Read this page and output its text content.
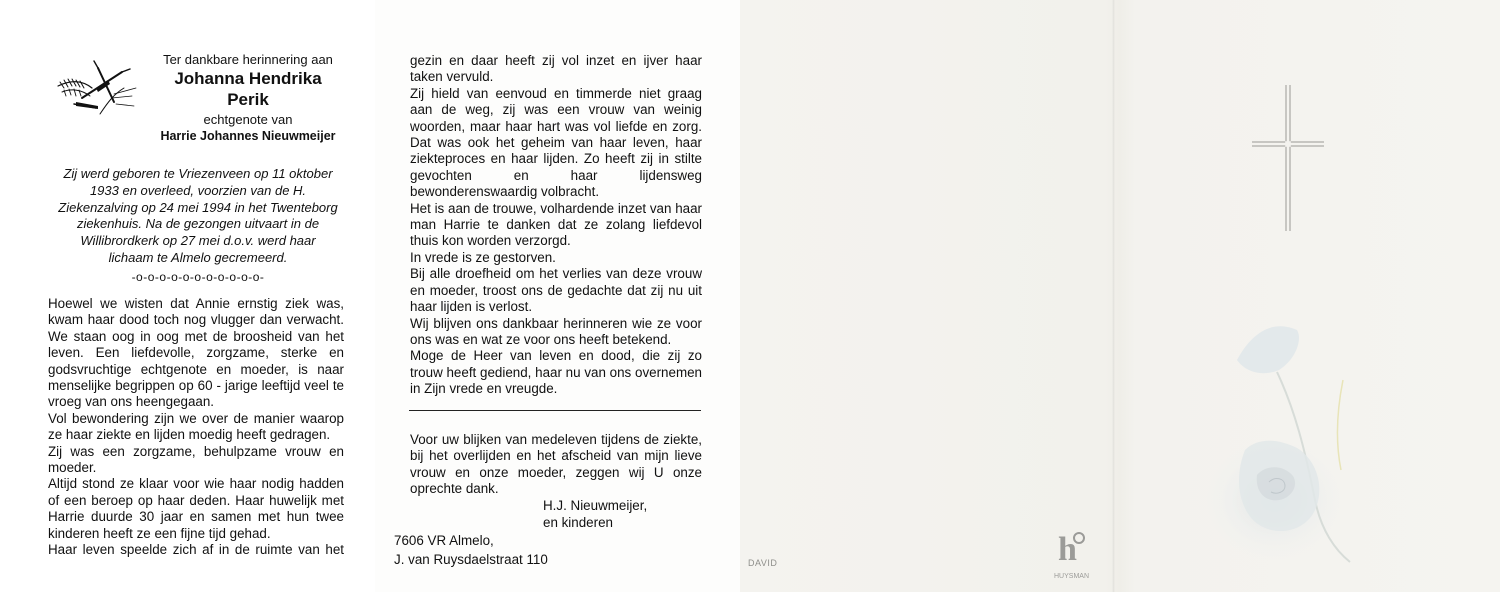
Ter dankbare herinnering aan
Johanna Hendrika
Perik
echtgenote van
Harrie Johannes Nieuwmeijer
Zij werd geboren te Vriezenveen op 11 oktober
1933 en overleed, voorzien van de H.
Ziekenzalving op 24 mei 1994 in het Twenteborg
ziekenhuis. Na de gezongen uitvaart in de
Willibrordkerk op 27 mei d.o.v. werd haar
lichaam te Almelo gecremeerd.
-o-o-o-o-o-o-o-o-o-o-o-

Hoewel we wisten dat Annie ernstig ziek was, kwam haar dood toch nog vlugger dan verwacht. We staan oog in oog met de broosheid van het leven. Een liefdevolle, zorgzame, sterke en godsvruchtige echtgenote en moeder, is naar menselijke begrippen op 60 - jarige leeftijd veel te vroeg van ons heengegaan.

Vol bewondering zijn we over de manier waarop ze haar ziekte en lijden moedig heeft gedragen.

Zij was een zorgzame, behulpzame vrouw en moeder.

Altijd stond ze klaar voor wie haar nodig hadden of een beroep op haar deden. Haar huwelijk met Harrie duurde 30 jaar en samen met hun twee kinderen heeft ze een fijne tijd gehad.

Haar leven speelde zich af in de ruimte van het

gezin en daar heeft zij vol inzet en ijver haar taken vervuld.

Zij hield van eenvoud en timmerde niet graag aan de weg, zij was een vrouw van weinig woorden, maar haar hart was vol liefde en zorg. Dat was ook het geheim van haar leven, haar ziekteproces en haar lijden. Zo heeft zij in stilte gevochten en haar lijdensweg bewonderenswaardig volbracht.

Het is aan de trouwe, volhardende inzet van haar man Harrie te danken dat ze zolang liefdevol thuis kon worden verzorgd.

In vrede is ze gestorven.

Bij alle droefheid om het verlies van deze vrouw en moeder, troost ons de gedachte dat zij nu uit haar lijden is verlost.

Wij blijven ons dankbaar herinneren wie ze voor ons was en wat ze voor ons heeft betekend.

Moge de Heer van leven en dood, die zij zo trouw heeft gediend, haar nu van ons overnemen in Zijn vrede en vreugde.

Voor uw blijken van medeleven tijdens de ziekte, bij het overlijden en het afscheid van mijn lieve vrouw en onze moeder, zeggen wij U onze oprechte dank.

H.J. Nieuwmeijer,
en kinderen
7606 VR Almelo,
J. van Ruysdaelstraat 110	DAVID	h
HUYSMAN
